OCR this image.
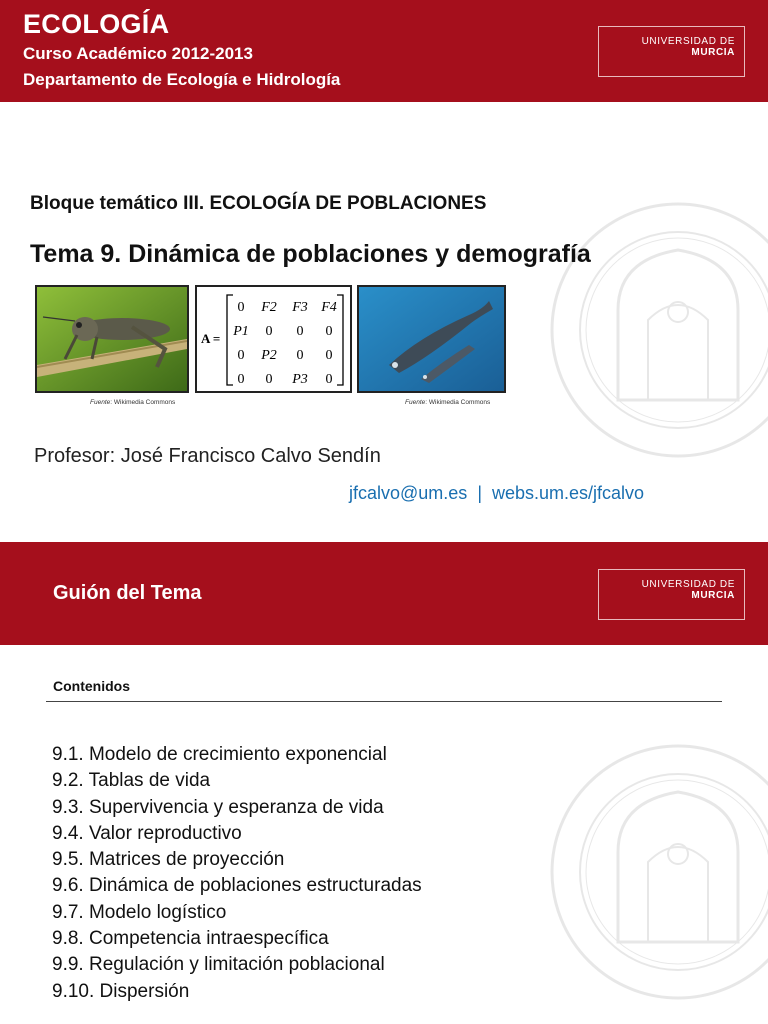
ECOLOGÍA
Curso Académico 2012-2013
Departamento de Ecología e Hidrología
UNIVERSIDAD DE
MURCIA
Bloque temático III. ECOLOGÍA DE POBLACIONES
Tema 9. Dinámica de poblaciones y demografía
A =
0 F2 F3 F4
P1 0 0 0
0 P2 0 0
0 0 P3 0
Fuente: Wikimedia Commons	Fuente: Wikimedia Commons
Profesor: José Francisco Calvo Sendín
jfcalvo@um.es | webs.um.es/jfcalvo
Guión del Tema	UNIVERSIDAD DE
MURCIA
Contenidos
9.1. Modelo de crecimiento exponencial
9.2. Tablas de vida
9.3. Supervivencia y esperanza de vida
9.4. Valor reproductivo
9.5. Matrices de proyección
9.6. Dinámica de poblaciones estructuradas
9.7. Modelo logístico
9.8. Competencia intraespecífica
9.9. Regulación y limitación poblacional
9.10. Dispersión
